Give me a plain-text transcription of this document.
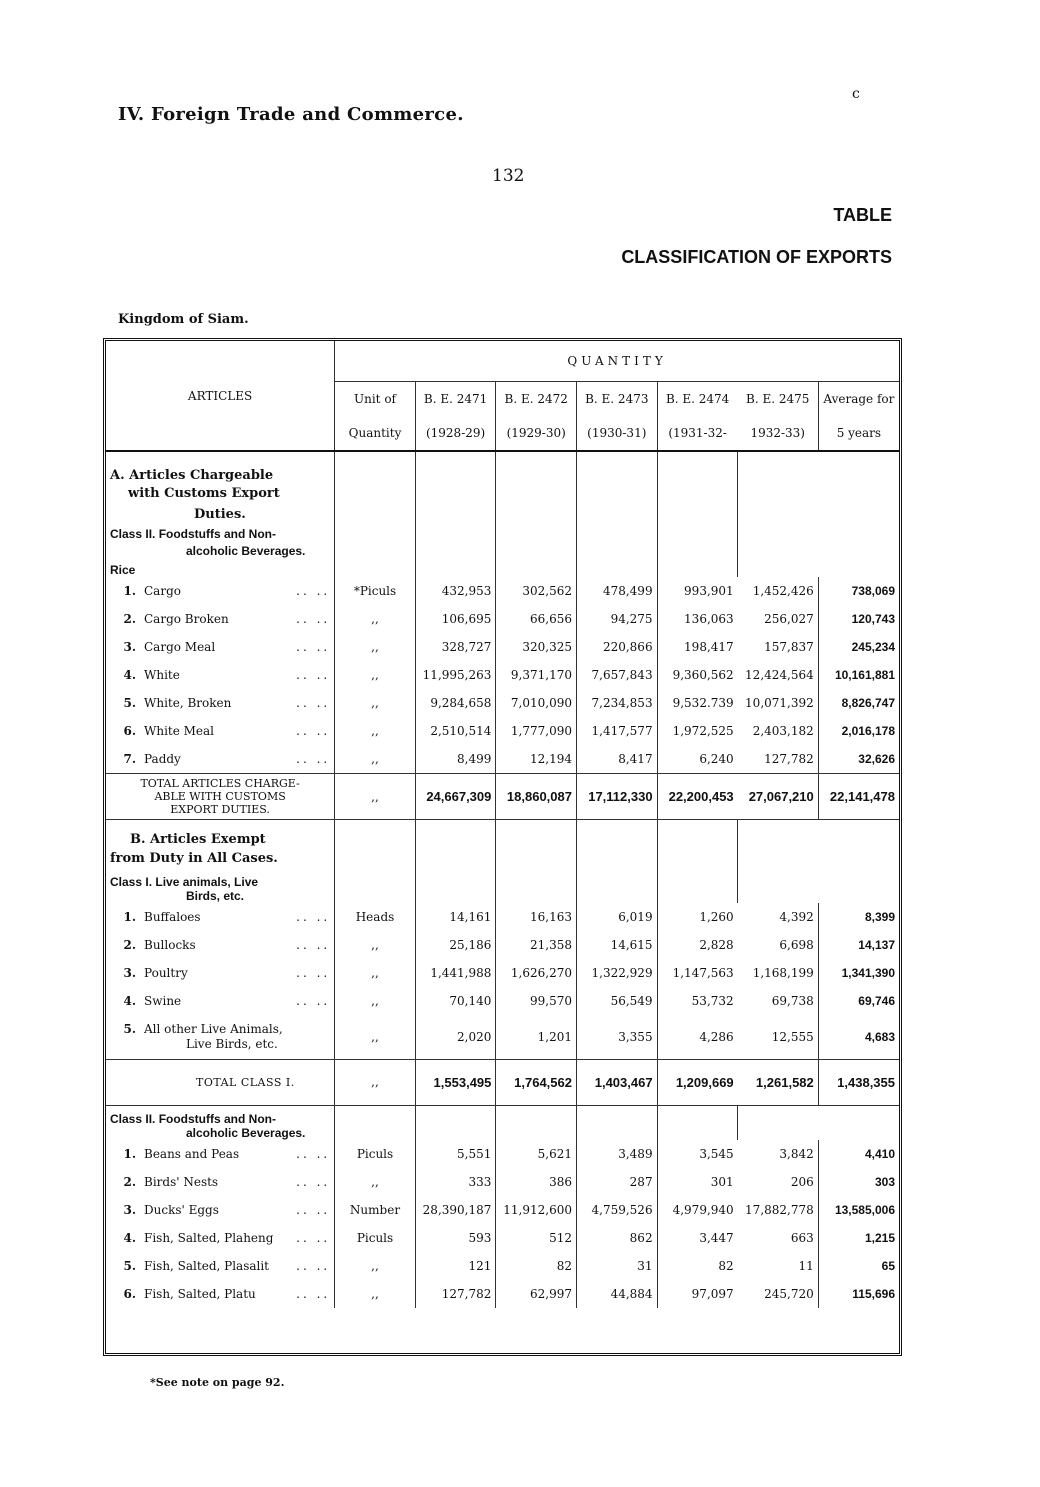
IV. Foreign Trade and Commerce.
c
132
TABLE
CLASSIFICATION OF EXPORTS
Kingdom of Siam.
ARTICLES	QUANTITY						
	Unit of	B. E. 2471	B. E. 2472	B. E. 2473	B. E. 2474	B. E. 2475	Average for
	Quantity	(1928-29)	(1929-30)	(1930-31)	(1931-32-	1932-33)	5 years
A. Articles Chargeable							
with Customs Export							
Duties.							
Class II. Foodstuffs and Non-							
alcoholic Beverages.							
Rice							
1. Cargo .. ..	*Piculs	432,953	302,562	478,499	993,901	1,452,426	738,069
2. Cargo Broken .. ..	,,	106,695	66,656	94,275	136,063	256,027	120,743
3. Cargo Meal .. ..	,,	328,727	320,325	220,866	198,417	157,837	245,234
4. White .. ..	,,	11,995,263	9,371,170	7,657,843	9,360,562	12,424,564	10,161,881
5. White, Broken .. ..	,,	9,284,658	7,010,090	7,234,853	9,532.739	10,071,392	8,826,747
6. White Meal .. ..	,,	2,510,514	1,777,090	1,417,577	1,972,525	2,403,182	2,016,178
7. Paddy .. ..	,,	8,499	12,194	8,417	6,240	127,782	32,626

TOTAL ARTICLES CHARGE-
ABLE WITH CUSTOMS
EXPORT DUTIES.	,,	24,667,309	18,860,087	17,112,330	22,200,453	27,067,210	22,141,478
B. Articles Exempt							
from Duty in All Cases.							
Class I. Live animals, Live							
Birds, etc.							
1. Buffaloes .. ..	Heads	14,161	16,163	6,019	1,260	4,392	8,399
2. Bullocks .. ..	,,	25,186	21,358	14,615	2,828	6,698	14,137
3. Poultry .. ..	,,	1,441,988	1,626,270	1,322,929	1,147,563	1,168,199	1,341,390
4. Swine .. ..	,,	70,140	99,570	56,549	53,732	69,738	69,746
5. All other Live Animals,
Live Birds, etc.	,,	2,020	1,201	3,355	4,286	12,555	4,683
TOTAL CLASS I.	,,	1,553,495	1,764,562	1,403,467	1,209,669	1,261,582	1,438,355
Class II. Foodstuffs and Non-							
alcoholic Beverages.							
1. Beans and Peas .. ..	Piculs	5,551	5,621	3,489	3,545	3,842	4,410
2. Birds' Nests .. ..	,,	333	386	287	301	206	303
3. Ducks' Eggs .. ..	Number	28,390,187	11,912,600	4,759,526	4,979,940	17,882,778	13,585,006
4. Fish, Salted, Plaheng .. ..	Piculs	593	512	862	3,447	663	1,215
5. Fish, Salted, Plasalit .. ..	,,	121	82	31	82	11	65
6. Fish, Salted, Platu .. ..	,,	127,782	62,997	44,884	97,097	245,720	115,696
*See note on page 92.
